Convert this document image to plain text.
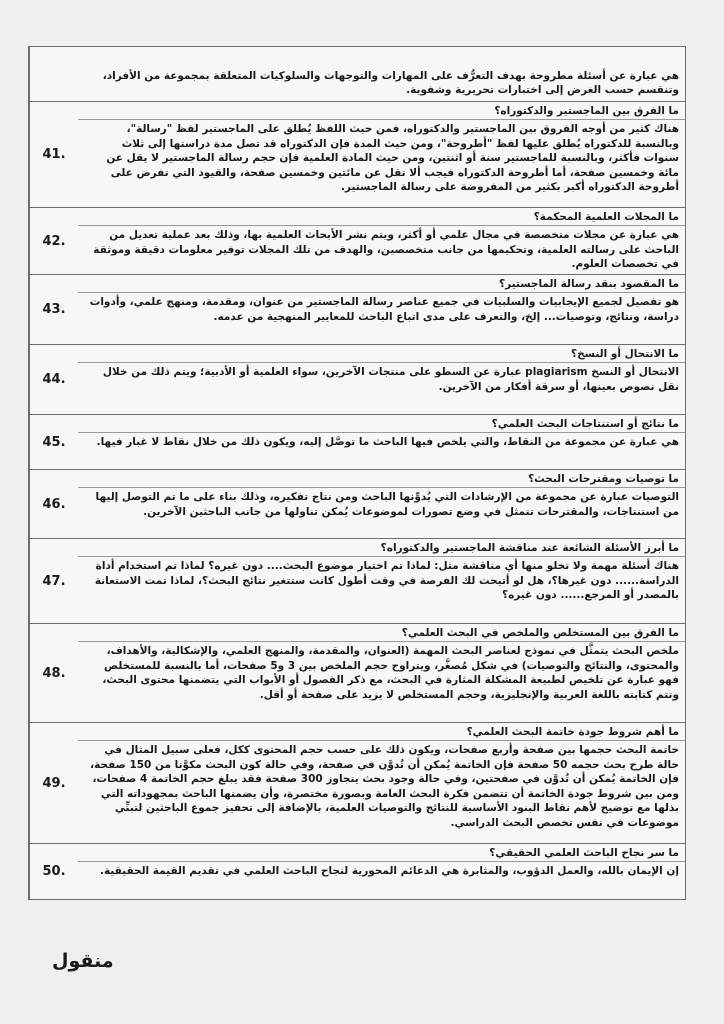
هي عبارة عن أسئلة مطروحة بهدف التعرُّف على المهارات والتوجهات والسلوكيات المتعلقة بمجموعة من الأفراد، وتنقسم حسب الغرض إلى اختبارات تحريرية وشفوية.
41.
ما الفرق بين الماجستير والدكتوراه؟
هناك كثير من أوجه الفروق بين الماجستير والدكتوراه، فمن حيث اللفظ يُطلق على الماجستير لفظ "رسالة"، وبالنسبة للدكتوراه يُطلق عليها لفظ "أطروحة"، ومن حيث المدة فإن الدكتوراه قد تصل مدة دراستها إلى ثلاث سنوات فأكثر، وبالنسبة للماجستير سنة أو اثنتين، ومن حيث المادة العلمية فإن حجم رسالة الماجستير لا يقل عن مائة وخمسين صفحة، أما أطروحة الدكتوراه فيجب ألا تقل عن مائتين وخمسين صفحة، والقيود التي تفرض على أطروحة الدكتوراه أكبر بكثير من المفروضة على رسالة الماجستير.
42.
ما المجلات العلمية المحكمة؟
هي عبارة عن مجلات متخصصة في مجال علمي أو أكثر، ويتم نشر الأبحاث العلمية بها، وذلك بعد عملية تعديل من الباحث على رسالته العلمية، وتحكيمها من جانب متخصصين، والهدف من تلك المجلات توفير معلومات دقيقة وموثقة في تخصصات العلوم.
43.
ما المقصود بنقد رسالة الماجستير؟
هو تفصيل لجميع الإيجابيات والسلبيات في جميع عناصر رسالة الماجستير من عنوان، ومقدمة، ومنهج علمي، وأدوات دراسة، ونتائج، وتوصيات... إلخ، والتعرف على مدى اتباع الباحث للمعايير المنهجية من عدمه.
44.
ما الانتحال أو النسخ؟
الانتحال أو النسخ plagiarism عبارة عن السطو على منتجات الآخرين، سواء العلمية أو الأدبية؛ ويتم ذلك من خلال نقل نصوص بعينها، أو سرقة أفكار من الآخرين.
45.
ما نتائج أو استنتاجات البحث العلمي؟
هي عبارة عن مجموعة من النقاط، والتي يلخص فيها الباحث ما توصَّل إليه، ويكون ذلك من خلال نقاط لا غبار فيها.
46.
ما توصيات ومقترحات البحث؟
التوصيات عبارة عن مجموعة من الإرشادات التي يُدوِّنها الباحث ومن نتاج تفكيره، وذلك بناء على ما تم التوصل إليها من استنتاجات، والمقترحات تتمثل في وضع تصورات لموضوعات يُمكن تناولها من جانب الباحثين الآخرين.
47.
ما أبرز الأسئلة الشائعة عند مناقشة الماجستير والدكتوراه؟
هناك أسئلة مهمة ولا تخلو منها أي مناقشة مثل: لماذا تم اختيار موضوع البحث.... دون غيره؟ لماذا تم استخدام أداة الدراسة...... دون غيرها؟، هل لو أتيحت لك الفرصة في وقت أطول كانت ستتغير نتائج البحث؟، لماذا تمت الاستعانة بالمصدر أو المرجع...... دون غيره؟
48.
ما الفرق بين المستخلص والملخص في البحث العلمي؟
ملخص البحث يتمثَّل في نموذج لعناصر البحث المهمة (العنوان، والمقدمة، والمنهج العلمي، والإشكالية، والأهداف، والمحتوى، والنتائج والتوصيات) في شكل مُصغَّر، ويتراوح حجم الملخص بين 3 و5 صفحات، أما بالنسبة للمستخلص فهو عبارة عن تلخيص لطبيعة المشكلة المثارة في البحث، مع ذكر الفصول أو الأبواب التي يتضمنها محتوى البحث، وتتم كتابته باللغة العربية والإنجليزية، وحجم المستخلص لا يزيد على صفحة أو أقل.
49.
ما أهم شروط جودة خاتمة البحث العلمي؟
خاتمة البحث حجمها بين صفحة وأربع صفحات، ويكون ذلك على حسب حجم المحتوى ككل، فعلى سبيل المثال في حالة طرح بحث حجمه 50 صفحة فإن الخاتمة يُمكن أن تُدوَّن في صفحة، وفي حالة كون البحث مكوَّنا من 150 صفحة، فإن الخاتمة يُمكن أن تُدوَّن في صفحتين، وفي حالة وجود بحث يتجاوز 300 صفحة فقد يبلغ حجم الخاتمة 4 صفحات، ومن بين شروط جودة الخاتمة أن تتضمن فكرة البحث العامة وبصورة مختصرة، وأن يضمنها الباحث بمجهوداته التي بذلها مع توضيح لأهم نقاط البنود الأساسية للنتائج والتوصيات العلمية، بالإضافة إلى تحفيز جموع الباحثين لتبنِّي موضوعات في نفس تخصص البحث الدراسي.
50.
ما سر نجاح الباحث العلمي الحقيقي؟
إن الإيمان بالله، والعمل الدؤوب، والمثابرة هي الدعائم المحورية لنجاح الباحث العلمي في تقديم القيمة الحقيقية.
منقول
